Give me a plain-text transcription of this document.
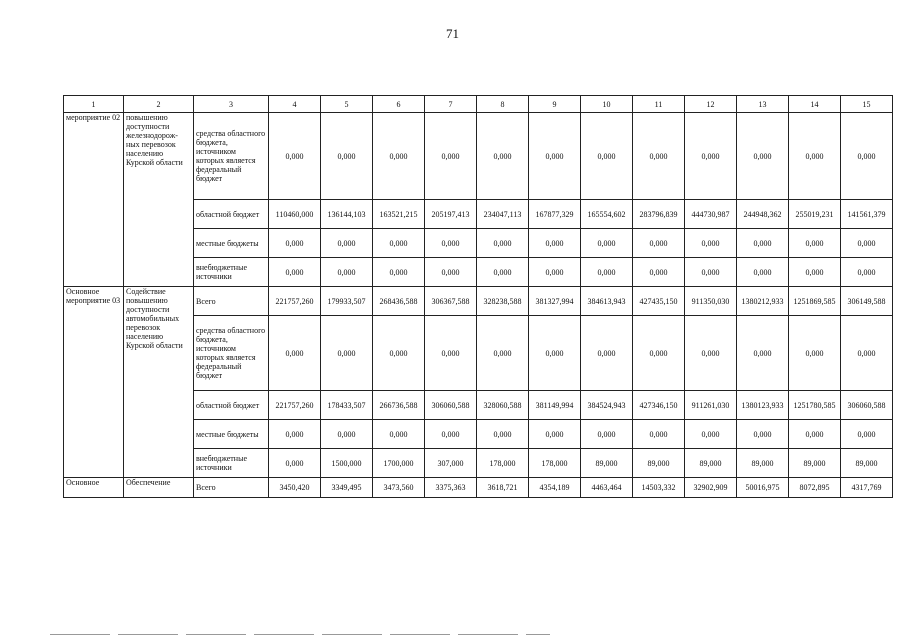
71
1	2	3	4	5	6	7	8	9	10	11	12	13	14	15
мероприятие 02	повышению доступности железнодорож-ных перевозок населению Курской области	средства областного бюджета, источником которых является федеральный бюджет	0,000	0,000	0,000	0,000	0,000	0,000	0,000	0,000	0,000	0,000	0,000	0,000
		областной бюджет	110460,000	136144,103	163521,215	205197,413	234047,113	167877,329	165554,602	283796,839	444730,987	244948,362	255019,231	141561,379
		местные бюджеты	0,000	0,000	0,000	0,000	0,000	0,000	0,000	0,000	0,000	0,000	0,000	0,000
		внебюджетные источники	0,000	0,000	0,000	0,000	0,000	0,000	0,000	0,000	0,000	0,000	0,000	0,000
Основное мероприятие 03	Содействие повышению доступности автомобильных перевозок населению Курской области	Всего	221757,260	179933,507	268436,588	306367,588	328238,588	381327,994	384613,943	427435,150	911350,030	1380212,933	1251869,585	306149,588
		средства областного бюджета, источником которых является федеральный бюджет	0,000	0,000	0,000	0,000	0,000	0,000	0,000	0,000	0,000	0,000	0,000	0,000
		областной бюджет	221757,260	178433,507	266736,588	306060,588	328060,588	381149,994	384524,943	427346,150	911261,030	1380123,933	1251780,585	306060,588
		местные бюджеты	0,000	0,000	0,000	0,000	0,000	0,000	0,000	0,000	0,000	0,000	0,000	0,000
		внебюджетные источники	0,000	1500,000	1700,000	307,000	178,000	178,000	89,000	89,000	89,000	89,000	89,000	89,000
Основное	Обеспечение	Всего	3450,420	3349,495	3473,560	3375,363	3618,721	4354,189	4463,464	14503,332	32902,909	50016,975	8072,895	4317,769
